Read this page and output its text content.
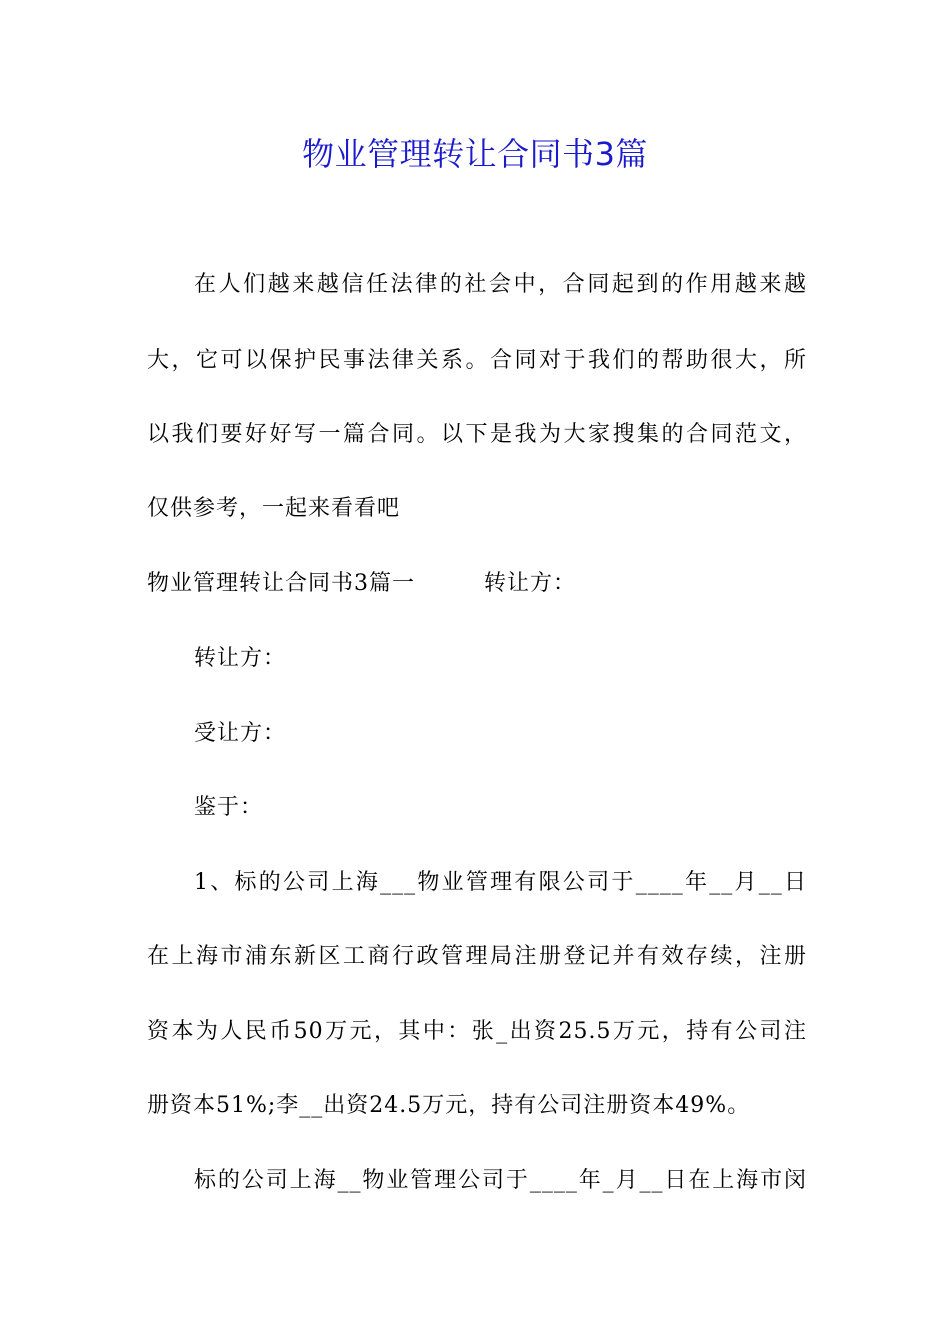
物业管理转让合同书3篇
在人们越来越信任法律的社会中，合同起到的作用越来越
大，它可以保护民事法律关系。合同对于我们的帮助很大，所
以我们要好好写一篇合同。以下是我为大家搜集的合同范文，
仅供参考，一起来看看吧
物业管理转让合同书3篇一　　　转让方：
转让方：
受让方：
鉴于：
1、标的公司上海___物业管理有限公司于____年__月__日
在上海市浦东新区工商行政管理局注册登记并有效存续，注册
资本为人民币50万元，其中：张_出资25.5万元，持有公司注
册资本51%;李__出资24.5万元，持有公司注册资本49%。
标的公司上海__物业管理公司于____年_月__日在上海市闵
